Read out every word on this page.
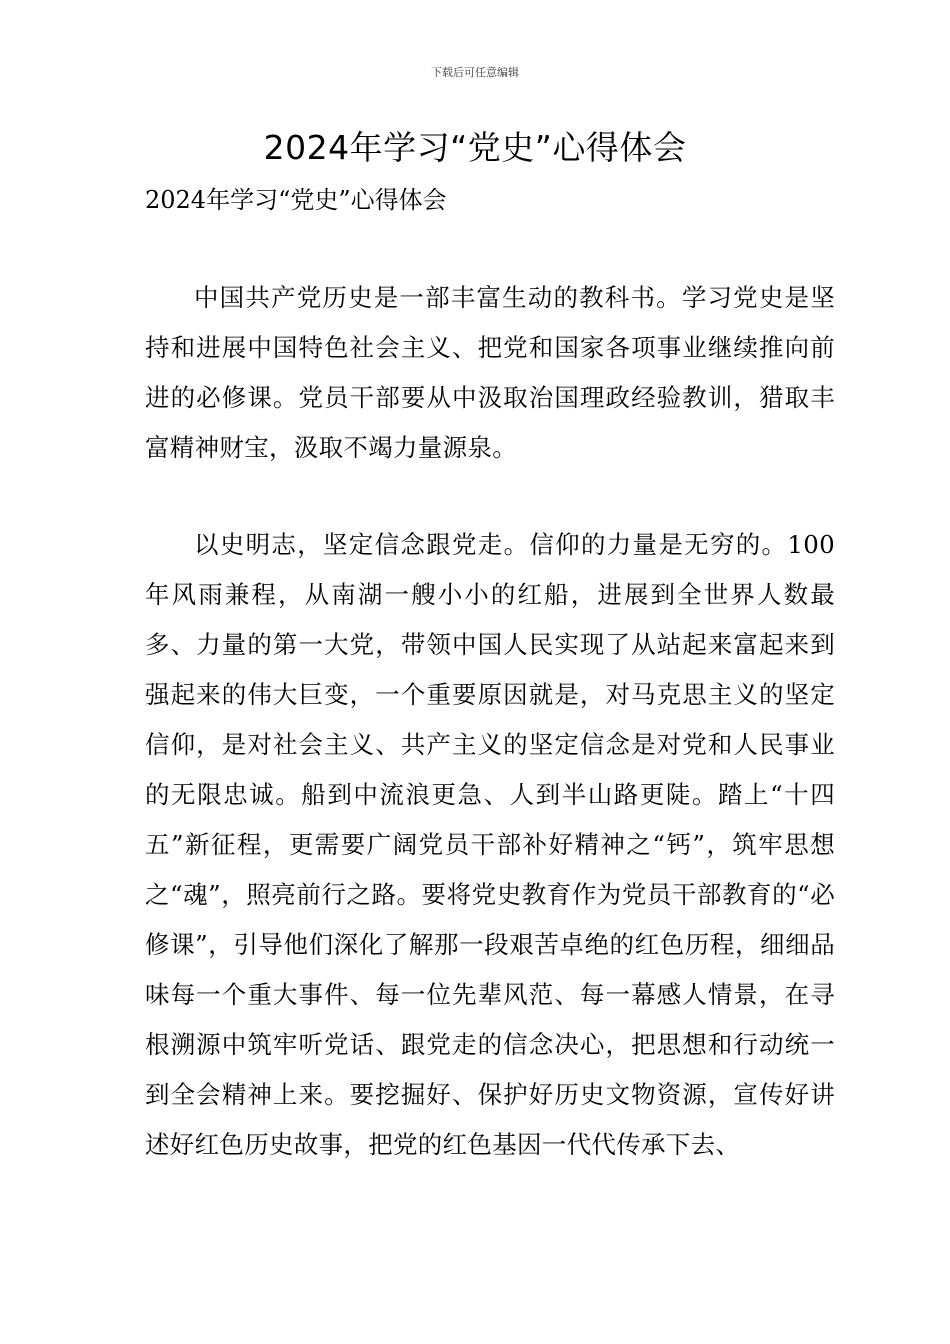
下载后可任意编辑
2024年学习“党史”心得体会
2024年学习“党史”心得体会

中国共产党历史是一部丰富生动的教科书。学习党史是坚持和进展中国特色社会主义、把党和国家各项事业继续推向前进的必修课。党员干部要从中汲取治国理政经验教训，猎取丰富精神财宝，汲取不竭力量源泉。

以史明志，坚定信念跟党走。信仰的力量是无穷的。100年风雨兼程，从南湖一艘小小的红船，进展到全世界人数最多、力量的第一大党，带领中国人民实现了从站起来富起来到强起来的伟大巨变，一个重要原因就是，对马克思主义的坚定信仰，是对社会主义、共产主义的坚定信念是对党和人民事业的无限忠诚。船到中流浪更急、人到半山路更陡。踏上“十四五”新征程，更需要广阔党员干部补好精神之“钙”，筑牢思想之“魂”，照亮前行之路。要将党史教育作为党员干部教育的“必修课”，引导他们深化了解那一段艰苦卓绝的红色历程，细细品味每一个重大事件、每一位先辈风范、每一幕感人情景，在寻根溯源中筑牢听党话、跟党走的信念决心，把思想和行动统一到全会精神上来。要挖掘好、保护好历史文物资源，宣传好讲述好红色历史故事，把党的红色基因一代代传承下去、
